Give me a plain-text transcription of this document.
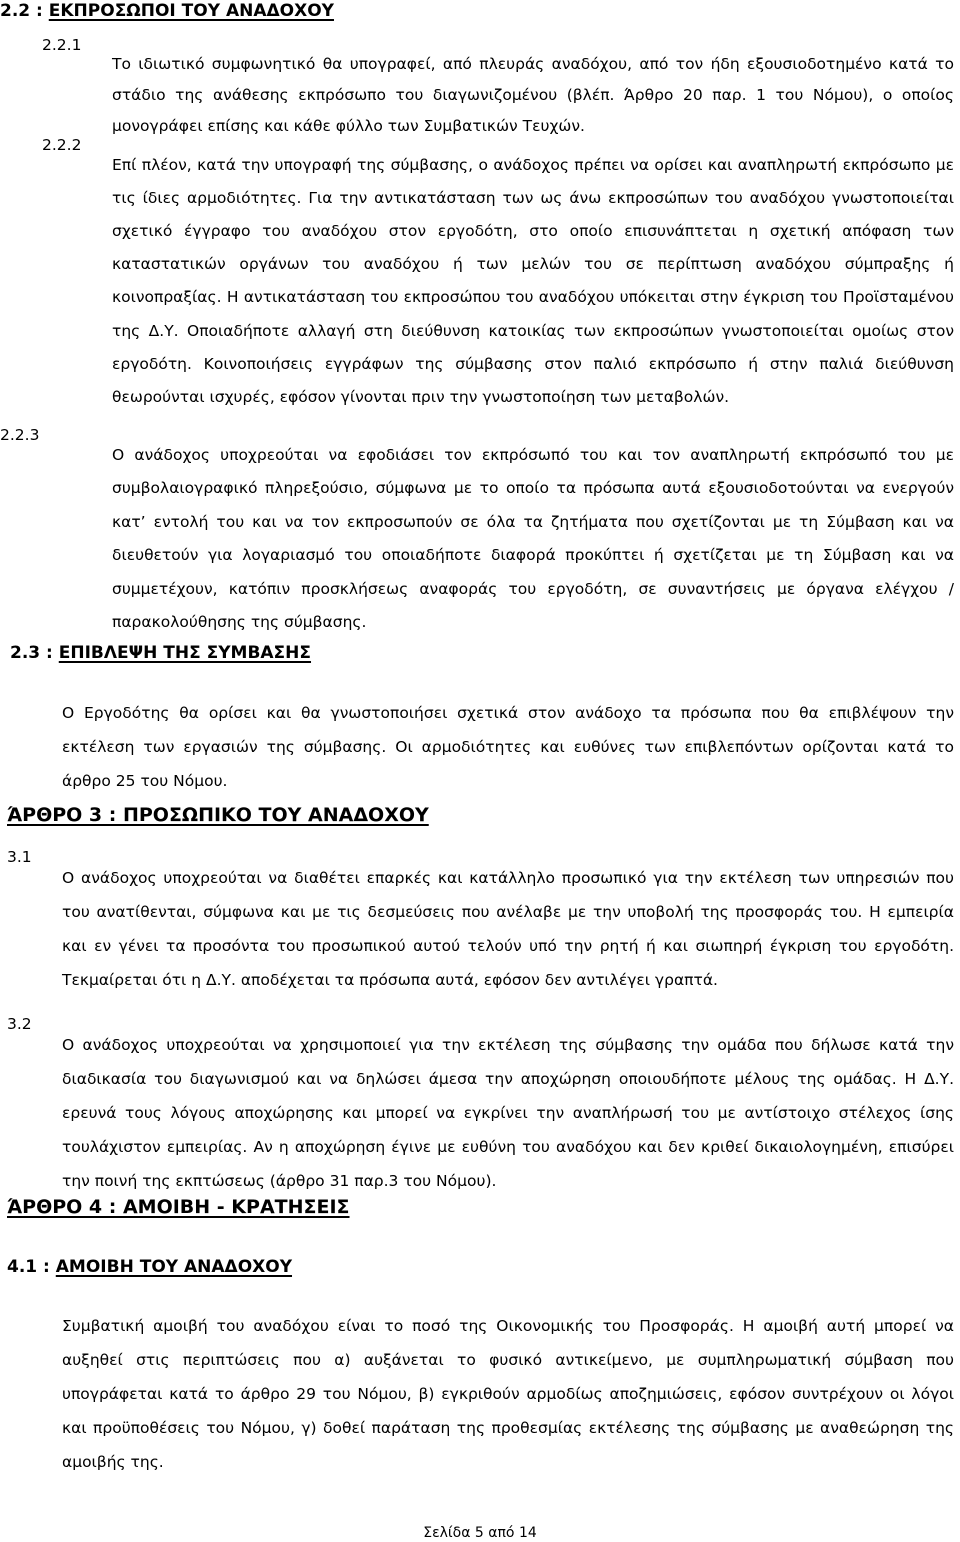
2.2 : ΕΚΠΡΟΣΩΠΟΙ ΤΟΥ ΑΝΑΔΟΧΟΥ
2.2.1

Το ιδιωτικό συμφωνητικό θα υπογραφεί, από πλευράς αναδόχου, από τον ήδη εξουσιοδοτημένο κατά το στάδιο της ανάθεσης εκπρόσωπο του διαγωνιζομένου (βλέπ. Άρθρο 20 παρ. 1 του Νόμου), ο οποίος μονογράφει επίσης και κάθε φύλλο των Συμβατικών Τευχών.

2.2.2

Επί πλέον, κατά την υπογραφή της σύμβασης, ο ανάδοχος πρέπει να ορίσει και αναπληρωτή εκπρόσωπο με τις ίδιες αρμοδιότητες. Για την αντικατάσταση των ως άνω εκπροσώπων του αναδόχου γνωστοποιείται σχετικό έγγραφο του αναδόχου στον εργοδότη, στο οποίο επισυνάπτεται η σχετική απόφαση των καταστατικών οργάνων του αναδόχου ή των μελών του σε περίπτωση αναδόχου σύμπραξης ή κοινοπραξίας. Η αντικατάσταση του εκπροσώπου του αναδόχου υπόκειται στην έγκριση του Προϊσταμένου της Δ.Υ. Οποιαδήποτε αλλαγή στη διεύθυνση κατοικίας των εκπροσώπων γνωστοποιείται ομοίως στον εργοδότη. Κοινοποιήσεις εγγράφων της σύμβασης στον παλιό εκπρόσωπο ή στην παλιά διεύθυνση θεωρούνται ισχυρές, εφόσον γίνονται πριν την γνωστοποίηση των μεταβολών.

2.2.3

Ο ανάδοχος υποχρεούται να εφοδιάσει τον εκπρόσωπό του και τον αναπληρωτή εκπρόσωπό του με συμβολαιογραφικό πληρεξούσιο, σύμφωνα με το οποίο τα πρόσωπα αυτά εξουσιοδοτούνται να ενεργούν κατ’ εντολή του και να τον εκπροσωπούν σε όλα τα ζητήματα που σχετίζονται με τη Σύμβαση και να διευθετούν για λογαριασμό του οποιαδήποτε διαφορά προκύπτει ή σχετίζεται με τη Σύμβαση και να συμμετέχουν, κατόπιν προσκλήσεως αναφοράς του εργοδότη, σε συναντήσεις με όργανα ελέγχου / παρακολούθησης της σύμβασης.

2.3 : ΕΠΙΒΛΕΨΗ ΤΗΣ ΣΥΜΒΑΣΗΣ

Ο Εργοδότης θα ορίσει και θα γνωστοποιήσει σχετικά στον ανάδοχο τα πρόσωπα που θα επιβλέψουν την εκτέλεση των εργασιών της σύμβασης. Οι αρμοδιότητες και ευθύνες των επιβλεπόντων ορίζονται κατά το άρθρο 25 του Νόμου.

ΆΡΘΡΟ 3 : ΠΡΟΣΩΠΙΚΟ ΤΟΥ ΑΝΑΔΟΧΟΥ
3.1

Ο ανάδοχος υποχρεούται να διαθέτει επαρκές και κατάλληλο προσωπικό για την εκτέλεση των υπηρεσιών που του ανατίθενται, σύμφωνα και με τις δεσμεύσεις που ανέλαβε με την υποβολή της προσφοράς του. Η εμπειρία και εν γένει τα προσόντα του προσωπικού αυτού τελούν υπό την ρητή ή και σιωπηρή έγκριση του εργοδότη. Τεκμαίρεται ότι η Δ.Υ. αποδέχεται τα πρόσωπα αυτά, εφόσον δεν αντιλέγει γραπτά.

3.2

Ο ανάδοχος υποχρεούται να χρησιμοποιεί για την εκτέλεση της σύμβασης την ομάδα που δήλωσε κατά την διαδικασία του διαγωνισμού και να δηλώσει άμεσα την αποχώρηση οποιουδήποτε μέλους της ομάδας. Η Δ.Υ. ερευνά τους λόγους αποχώρησης και μπορεί να εγκρίνει την αναπλήρωσή του με αντίστοιχο στέλεχος ίσης τουλάχιστον εμπειρίας. Αν η αποχώρηση έγινε με ευθύνη του αναδόχου και δεν κριθεί δικαιολογημένη, επισύρει την ποινή της εκπτώσεως (άρθρο 31 παρ.3 του Νόμου).

ΆΡΘΡΟ 4 : ΑΜΟΙΒΗ - ΚΡΑΤΗΣΕΙΣ
4.1 : ΑΜΟΙΒΗ ΤΟΥ ΑΝΑΔΟΧΟΥ

Συμβατική αμοιβή του αναδόχου είναι το ποσό της Οικονομικής του Προσφοράς. Η αμοιβή αυτή μπορεί να αυξηθεί στις περιπτώσεις που α) αυξάνεται το φυσικό αντικείμενο, με συμπληρωματική σύμβαση που υπογράφεται κατά το άρθρο 29 του Νόμου, β) εγκριθούν αρμοδίως αποζημιώσεις, εφόσον συντρέχουν οι λόγοι και προϋποθέσεις του Νόμου, γ) δοθεί παράταση της προθεσμίας εκτέλεσης της σύμβασης με αναθεώρηση της αμοιβής της.

Σελίδα 5 από 14
